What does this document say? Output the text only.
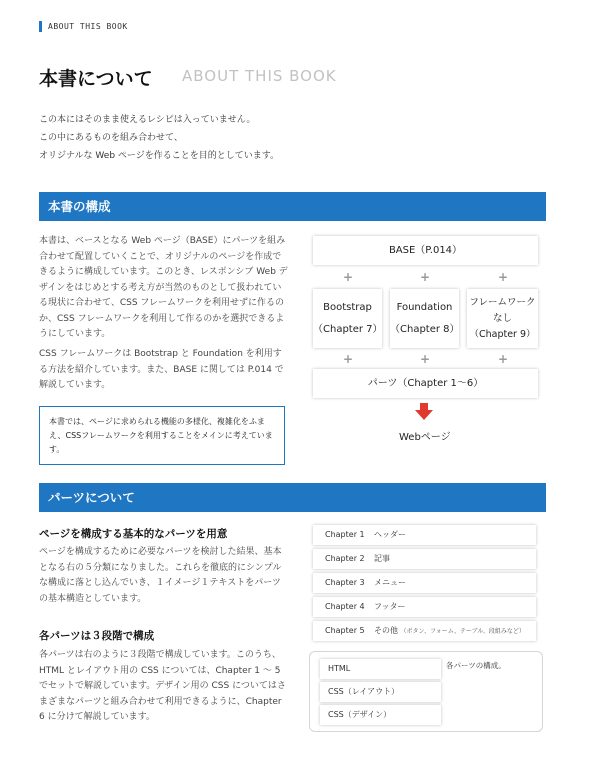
ABOUT THIS BOOK
本書について ABOUT THIS BOOK
この本にはそのまま使えるレシピは入っていません。
この中にあるものを組み合わせて、
オリジナルな Web ページを作ることを目的としています。
本書の構成

本書は、ベースとなる Web ページ（BASE）にパーツを組み合わせて配置していくことで、オリジナルのページを作成できるように構成しています。このとき、レスポンシブ Web デザインをはじめとする考え方が当然のものとして扱われている現状に合わせて、CSS フレームワークを利用せずに作るのか、CSS フレームワークを利用して作るのかを選択できるようにしています。

CSS フレームワークは Bootstrap と Foundation を利用する方法を紹介しています。また、BASE に関しては P.014 で解説しています。

本書では、ページに求められる機能の多様化、複雑化をふまえ、CSSフレームワークを利用することをメインに考えています。
BASE（P.014）
+	+	+
Bootstrap
（Chapter 7）
Foundation
（Chapter 8）
フレームワーク
なし
（Chapter 9）
+	+	+
パーツ（Chapter 1～6）
Webページ
パーツについて
ページを構成する基本的なパーツを用意
ページを構成するために必要なパーツを検討した結果、基本となる右の５分類になりました。これらを徹底的にシンプルな構成に落とし込んでいき、１イメージ１テキストをパーツの基本構造としています。
各パーツは３段階で構成
各パーツは右のように３段階で構成しています。このうち、HTML とレイアウト用の CSS については、Chapter 1 ～ 5 でセットで解説しています。デザイン用の CSS についてはさまざまなパーツと組み合わせて利用できるように、Chapter 6 に分けて解説しています。
Chapter 1 ヘッダー
Chapter 2 記事
Chapter 3 メニュー
Chapter 4 フッター
Chapter 5 その他 （ボタン、フォーム、テーブル、段組みなど）
HTML
CSS（レイアウト）
CSS（デザイン）
各パーツの構成。
